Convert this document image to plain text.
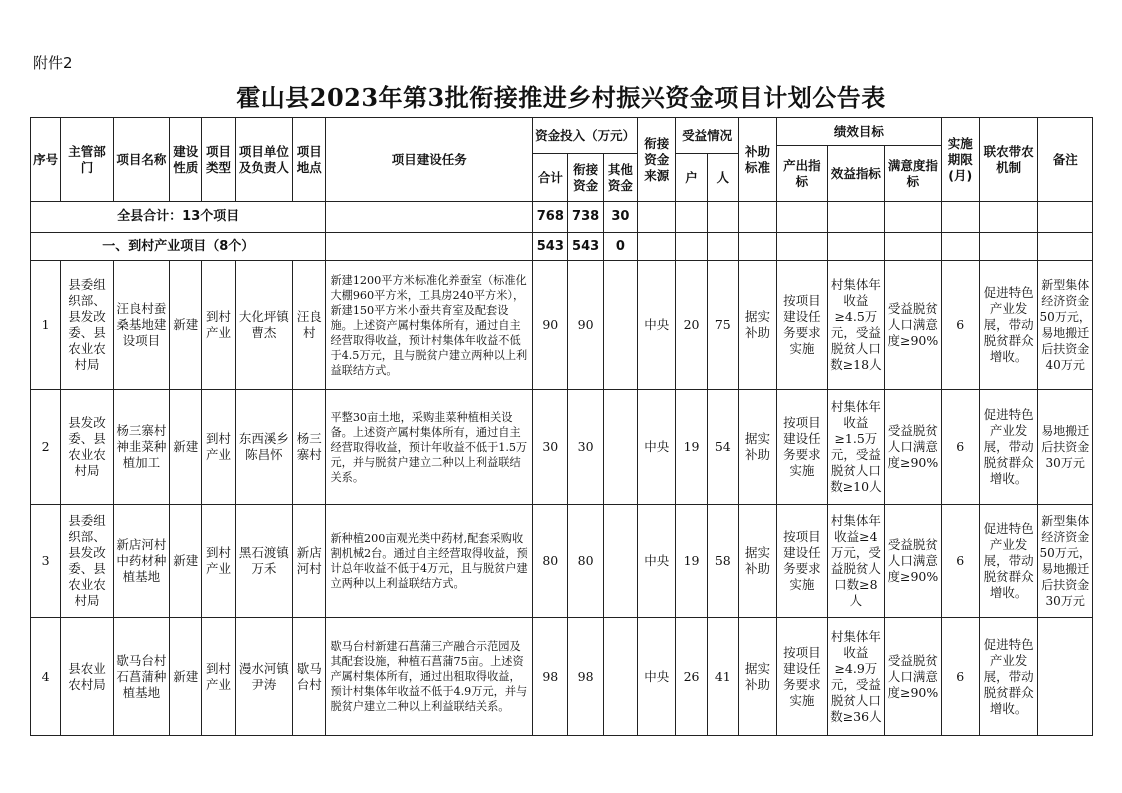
附件2
霍山县2023年第3批衔接推进乡村振兴资金项目计划公告表
序号	主管部门	项目名称	建设性质	项目类型	项目单位及负责人	项目地点	项目建设任务	资金投入（万元）			衔接资金来源	受益情况		补助标准	绩效目标			实施期限(月)	联农带农机制	备注
															产出指标	效益指标	满意度指标			
								合计	衔接资金	其他资金		户	人							
全县合计：13个项目								768	738	30										
一、到村产业项目（8个）								543	543	0										
1	县委组织部、县发改委、县农业农村局	汪良村蚕桑基地建设项目	新建	到村产业	大化坪镇曹杰	汪良村	新建1200平方米标准化养蚕室（标准化大棚960平方米，工具房240平方米），新建150平方米小蚕共育室及配套设施。上述资产属村集体所有，通过自主经营取得收益，预计村集体年收益不低于4.5万元，且与脱贫户建立两种以上利益联结方式。	90	90		中央	20	75	据实补助	按项目建设任务要求实施	村集体年收益≥4.5万元，受益脱贫人口数≥18人	受益脱贫人口满意度≥90%	6	促进特色产业发展，带动脱贫群众增收。	新型集体经济资金50万元，易地搬迁后扶资金40万元
2	县发改委、县农业农村局	杨三寨村神韭菜种植加工	新建	到村产业	东西溪乡陈昌怀	杨三寨村	平整30亩土地，采购韭菜种植相关设备。上述资产属村集体所有，通过自主经营取得收益，预计年收益不低于1.5万元，并与脱贫户建立二种以上利益联结关系。	30	30		中央	19	54	据实补助	按项目建设任务要求实施	村集体年收益≥1.5万元，受益脱贫人口数≥10人	受益脱贫人口满意度≥90%	6	促进特色产业发展，带动脱贫群众增收。	易地搬迁后扶资金30万元
3	县委组织部、县发改委、县农业农村局	新店河村中药材种植基地	新建	到村产业	黑石渡镇万禾	新店河村	新种植200亩观光类中药材,配套采购收割机械2台。通过自主经营取得收益，预计总年收益不低于4万元，且与脱贫户建立两种以上利益联结方式。	80	80		中央	19	58	据实补助	按项目建设任务要求实施	村集体年收益≥4万元，受益脱贫人口数≥8人	受益脱贫人口满意度≥90%	6	促进特色产业发展，带动脱贫群众增收。	新型集体经济资金50万元，易地搬迁后扶资金30万元
4	县农业农村局	歇马台村石菖蒲种植基地	新建	到村产业	漫水河镇尹涛	歇马台村	歇马台村新建石菖蒲三产融合示范园及其配套设施，种植石菖蒲75亩。上述资产属村集体所有，通过出租取得收益，预计村集体年收益不低于4.9万元，并与脱贫户建立二种以上利益联结关系。	98	98		中央	26	41	据实补助	按项目建设任务要求实施	村集体年收益≥4.9万元，受益脱贫人口数≥36人	受益脱贫人口满意度≥90%	6	促进特色产业发展，带动脱贫群众增收。	
